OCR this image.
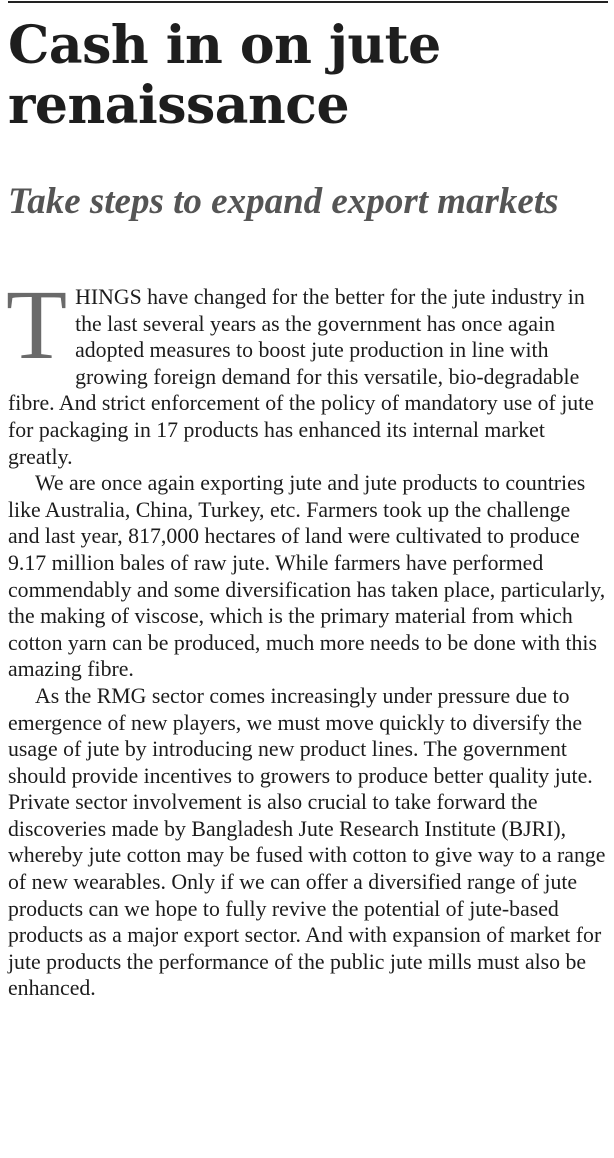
Cash in on jute renaissance
Take steps to expand export markets

THINGS have changed for the better for the jute industry in the last several years as the government has once again adopted measures to boost jute production in line with growing foreign demand for this versatile, bio-degradable fibre. And strict enforcement of the policy of mandatory use of jute for packaging in 17 products has enhanced its internal market greatly.

We are once again exporting jute and jute products to countries like Australia, China, Turkey, etc. Farmers took up the challenge and last year, 817,000 hectares of land were cultivated to produce 9.17 million bales of raw jute. While farmers have performed commendably and some diversification has taken place, particularly, the making of viscose, which is the primary material from which cotton yarn can be produced, much more needs to be done with this amazing fibre.

As the RMG sector comes increasingly under pressure due to emergence of new players, we must move quickly to diversify the usage of jute by introducing new product lines. The government should provide incentives to growers to produce better quality jute. Private sector involvement is also crucial to take forward the discoveries made by Bangladesh Jute Research Institute (BJRI), whereby jute cotton may be fused with cotton to give way to a range of new wearables. Only if we can offer a diversified range of jute products can we hope to fully revive the potential of jute-based products as a major export sector. And with expansion of market for jute products the performance of the public jute mills must also be enhanced.
